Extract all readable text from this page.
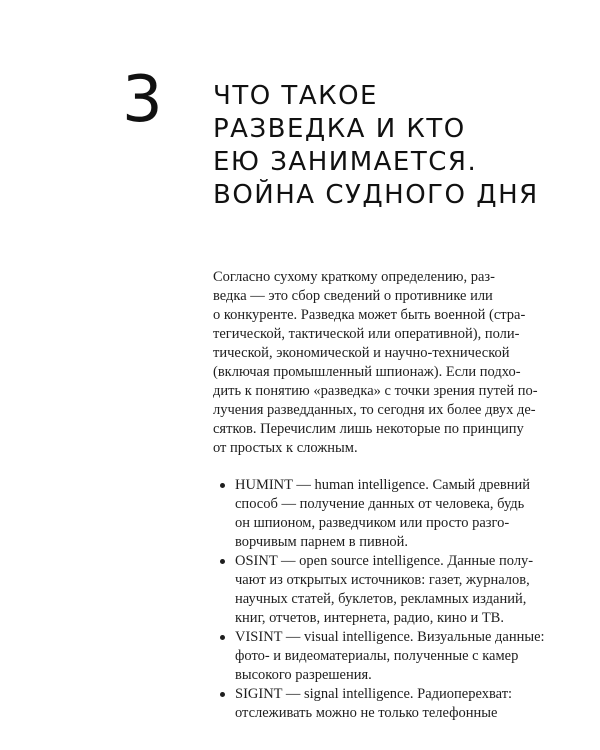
3 ЧТО ТАКОЕ
РАЗВЕДКА И КТО
ЕЮ ЗАНИМАЕТСЯ.
ВОЙНА СУДНОГО ДНЯ

Согласно сухому краткому определению, раз-
ведка — это сбор сведений о противнике или
о конкуренте. Разведка может быть военной (стра-
тегической, тактической или оперативной), поли-
тической, экономической и научно-технической
(включая промышленный шпионаж). Если подхо-
дить к понятию «разведка» с точки зрения путей по-
лучения разведданных, то сегодня их более двух де-
сятков. Перечислим лишь некоторые по принципу
от простых к сложным.

HUMINT — human intelligence. Самый древний
способ — получение данных от человека, будь
он шпионом, разведчиком или просто разго-
ворчивым парнем в пивной.
OSINT — open source intelligence. Данные полу-
чают из открытых источников: газет, журналов,
научных статей, буклетов, рекламных изданий,
книг, отчетов, интернета, радио, кино и ТВ.
VISINT — visual intelligence. Визуальные данные:
фото- и видеоматериалы, полученные с камер
высокого разрешения.
SIGINT — signal intelligence. Радиоперехват:
отслеживать можно не только телефонные
